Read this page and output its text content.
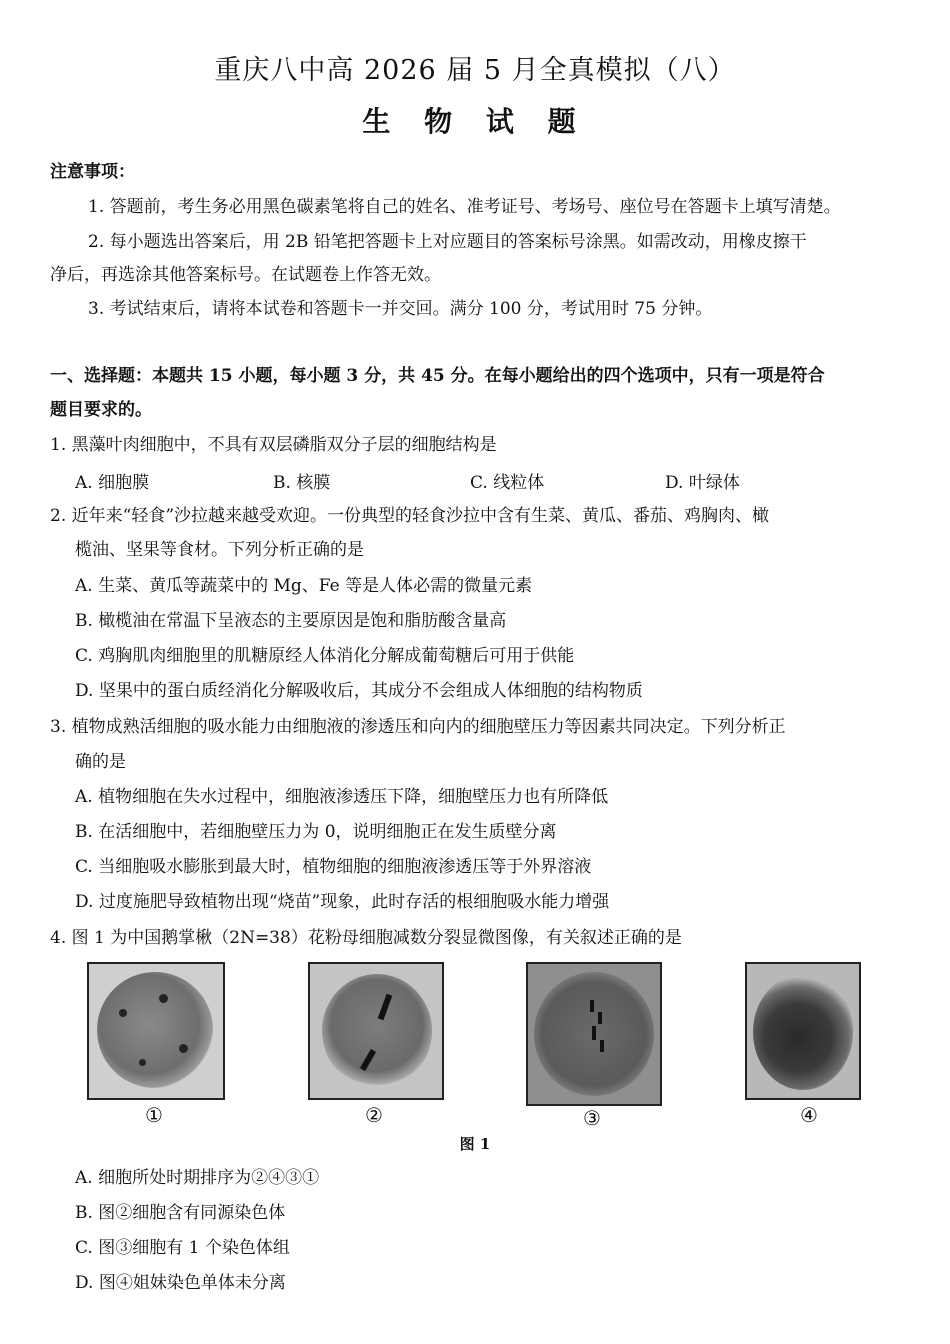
重庆八中高 2026 届 5 月全真模拟（八）
生 物 试 题
注意事项：
1. 答题前，考生务必用黑色碳素笔将自己的姓名、准考证号、考场号、座位号在答题卡上填写清楚。
2. 每小题选出答案后，用 2B 铅笔把答题卡上对应题目的答案标号涂黑。如需改动，用橡皮擦干
净后，再选涂其他答案标号。在试题卷上作答无效。
3. 考试结束后，请将本试卷和答题卡一并交回。满分 100 分，考试用时 75 分钟。
一、选择题：本题共 15 小题，每小题 3 分，共 45 分。在每小题给出的四个选项中，只有一项是符合
题目要求的。
1. 黑藻叶肉细胞中，不具有双层磷脂双分子层的细胞结构是
A. 细胞膜	B. 核膜	C. 线粒体	D. 叶绿体
2. 近年来“轻食”沙拉越来越受欢迎。一份典型的轻食沙拉中含有生菜、黄瓜、番茄、鸡胸肉、橄
榄油、坚果等食材。下列分析正确的是
A. 生菜、黄瓜等蔬菜中的 Mg、Fe 等是人体必需的微量元素
B. 橄榄油在常温下呈液态的主要原因是饱和脂肪酸含量高
C. 鸡胸肌肉细胞里的肌糖原经人体消化分解成葡萄糖后可用于供能
D. 坚果中的蛋白质经消化分解吸收后，其成分不会组成人体细胞的结构物质
3. 植物成熟活细胞的吸水能力由细胞液的渗透压和向内的细胞壁压力等因素共同决定。下列分析正
确的是
A. 植物细胞在失水过程中，细胞液渗透压下降，细胞壁压力也有所降低
B. 在活细胞中，若细胞壁压力为 0，说明细胞正在发生质壁分离
C. 当细胞吸水膨胀到最大时，植物细胞的细胞液渗透压等于外界溶液
D. 过度施肥导致植物出现“烧苗”现象，此时存活的根细胞吸水能力增强
4. 图 1 为中国鹅掌楸（2N=38）花粉母细胞减数分裂显微图像，有关叙述正确的是
①	②	③	④
图 1
A. 细胞所处时期排序为②④③①
B. 图②细胞含有同源染色体
C. 图③细胞有 1 个染色体组
D. 图④姐妹染色单体未分离
